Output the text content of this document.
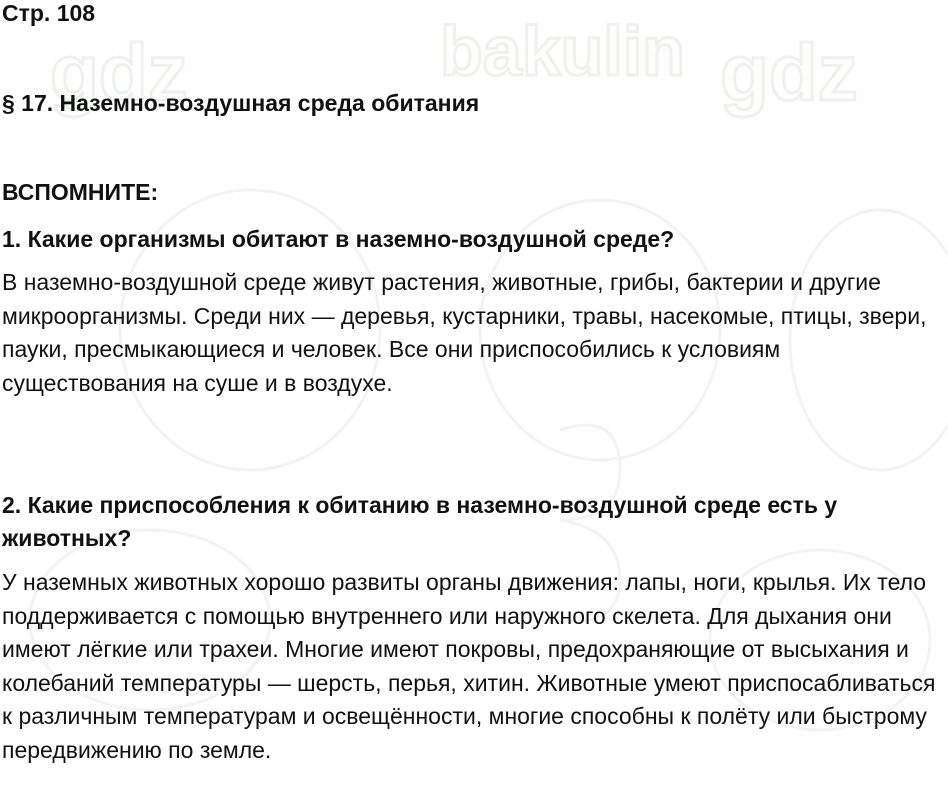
gdz	bakulin gdz

Стр. 108

§ 17. Наземно-воздушная среда обитания

ВСПОМНИТЕ:

1. Какие организмы обитают в наземно-воздушной среде?

В наземно-воздушной среде живут растения, животные, грибы, бактерии и другие микроорганизмы. Среди них — деревья, кустарники, травы, насекомые, птицы, звери, пауки, пресмыкающиеся и человек. Все они приспособились к условиям существования на суше и в воздухе.

2. Какие приспособления к обитанию в наземно-воздушной среде есть у животных?

У наземных животных хорошо развиты органы движения: лапы, ноги, крылья. Их тело поддерживается с помощью внутреннего или наружного скелета. Для дыхания они имеют лёгкие или трахеи. Многие имеют покровы, предохраняющие от высыхания и колебаний температуры — шерсть, перья, хитин. Животные умеют приспосабливаться к различным температурам и освещённости, многие способны к полёту или быстрому передвижению по земле.
